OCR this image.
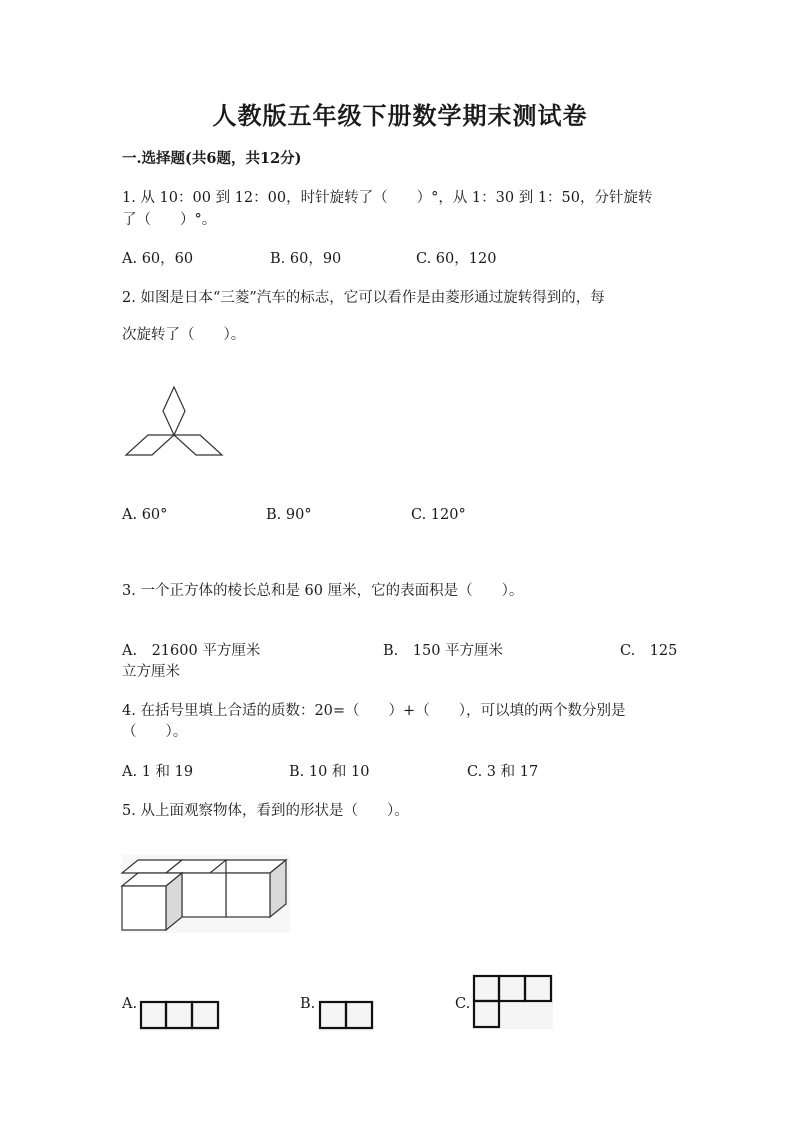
人教版五年级下册数学期末测试卷
一.选择题(共6题，共12分)
1. 从 10：00 到 12：00，时针旋转了（　　）°，从 1：30 到 1：50，分针旋转
了（　　）°。
A. 60，60	B. 60，90	C. 60，120
2. 如图是日本“三菱”汽车的标志，它可以看作是由菱形通过旋转得到的，每
次旋转了（　　）。
A. 60°	B. 90°	C. 120°
3. 一个正方体的棱长总和是 60 厘米，它的表面积是（　　）。
A.　21600 平方厘米	B.　150 平方厘米	C.　125
立方厘米
4. 在括号里填上合适的质数：20=（　　）+（　　），可以填的两个数分别是
（　　）。
A. 1 和 19	B. 10 和 10	C. 3 和 17
5. 从上面观察物体，看到的形状是（　　）。
A.	B.	C.
